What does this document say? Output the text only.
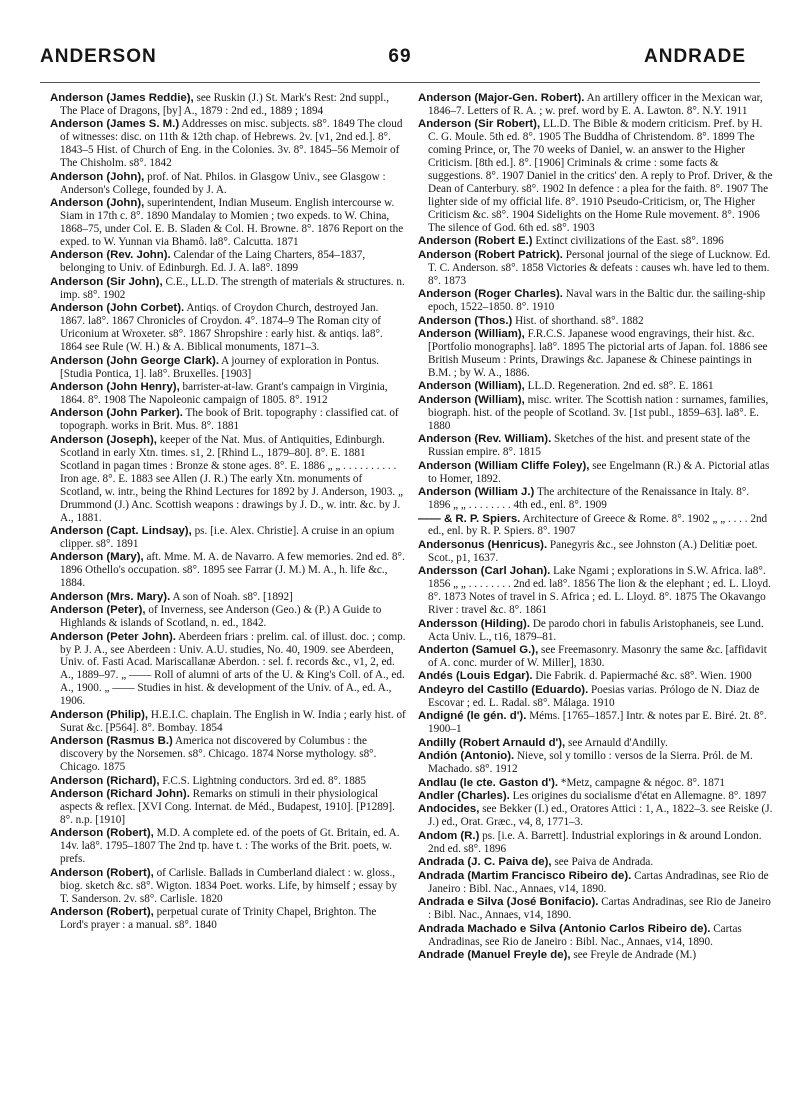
ANDERSON	69	ANDRADE
Anderson (James Reddie), see Ruskin (J.) St. Mark's Rest: 2nd suppl., The Place of Dragons, [by] A., 1879 : 2nd ed., 1889 ; 1894
Anderson (James S. M.) Addresses on misc. subjects. s8°. 1849 The cloud of witnesses: disc. on 11th & 12th chap. of Hebrews. 2v. [v1, 2nd ed.]. 8°. 1843–5 Hist. of Church of Eng. in the Colonies. 3v. 8°. 1845–56 Memoir of The Chisholm. s8°. 1842
Anderson (John), prof. of Nat. Philos. in Glasgow Univ., see Glasgow : Anderson's College, founded by J. A.
Anderson (John), superintendent, Indian Museum. English intercourse w. Siam in 17th c. 8°. 1890 Mandalay to Momien ; two expeds. to W. China, 1868–75, under Col. E. B. Sladen & Col. H. Browne. 8°. 1876 Report on the exped. to W. Yunnan via Bhamô. la8°. Calcutta. 1871
Anderson (Rev. John). Calendar of the Laing Charters, 854–1837, belonging to Univ. of Edinburgh. Ed. J. A. la8°. 1899
Anderson (Sir John), C.E., LL.D. The strength of materials & structures. n. imp. s8°. 1902
Anderson (John Corbet). Antiqs. of Croydon Church, destroyed Jan. 1867. la8°. 1867 Chronicles of Croydon. 4°. 1874–9 The Roman city of Uriconium at Wroxeter. s8°. 1867 Shropshire : early hist. & antiqs. la8°. 1864 see Rule (W. H.) & A. Biblical monuments, 1871–3.
Anderson (John George Clark). A journey of exploration in Pontus. [Studia Pontica, 1]. la8°. Bruxelles. [1903]
Anderson (John Henry), barrister-at-law. Grant's campaign in Virginia, 1864. 8°. 1908 The Napoleonic campaign of 1805. 8°. 1912
Anderson (John Parker). The book of Brit. topography : classified cat. of topograph. works in Brit. Mus. 8°. 1881
Anderson (Joseph), keeper of the Nat. Mus. of Antiquities, Edinburgh. Scotland in early Xtn. times. s1, 2. [Rhind L., 1879–80]. 8°. E. 1881 Scotland in pagan times : Bronze & stone ages. 8°. E. 1886 „ „ . . . . . . . . . . Iron age. 8°. E. 1883 see Allen (J. R.) The early Xtn. monuments of Scotland, w. intr., being the Rhind Lectures for 1892 by J. Anderson, 1903. „ Drummond (J.) Anc. Scottish weapons : drawings by J. D., w. intr. &c. by J. A., 1881.
Anderson (Capt. Lindsay), ps. [i.e. Alex. Christie]. A cruise in an opium clipper. s8°. 1891
Anderson (Mary), aft. Mme. M. A. de Navarro. A few memories. 2nd ed. 8°. 1896 Othello's occupation. s8°. 1895 see Farrar (J. M.) M. A., h. life &c., 1884.
Anderson (Mrs. Mary). A son of Noah. s8°. [1892]
Anderson (Peter), of Inverness, see Anderson (Geo.) & (P.) A Guide to Highlands & islands of Scotland, n. ed., 1842.
Anderson (Peter John). Aberdeen friars : prelim. cal. of illust. doc. ; comp. by P. J. A., see Aberdeen : Univ. A.U. studies, No. 40, 1909. see Aberdeen, Univ. of. Fasti Acad. Mariscallanæ Aberdon. : sel. f. records &c., v1, 2, ed. A., 1889–97. „ —— Roll of alumni of arts of the U. & King's Coll. of A., ed. A., 1900. „ —— Studies in hist. & development of the Univ. of A., ed. A., 1906.
Anderson (Philip), H.E.I.C. chaplain. The English in W. India ; early hist. of Surat &c. [P564]. 8°. Bombay. 1854
Anderson (Rasmus B.) America not discovered by Columbus : the discovery by the Norsemen. s8°. Chicago. 1874 Norse mythology. s8°. Chicago. 1875
Anderson (Richard), F.C.S. Lightning conductors. 3rd ed. 8°. 1885
Anderson (Richard John). Remarks on stimuli in their physiological aspects & reflex. [XVI Cong. Internat. de Méd., Budapest, 1910]. [P1289]. 8°. n.p. [1910]
Anderson (Robert), M.D. A complete ed. of the poets of Gt. Britain, ed. A. 14v. la8°. 1795–1807 The 2nd tp. have t. : The works of the Brit. poets, w. prefs.
Anderson (Robert), of Carlisle. Ballads in Cumberland dialect : w. gloss., biog. sketch &c. s8°. Wigton. 1834 Poet. works. Life, by himself ; essay by T. Sanderson. 2v. s8°. Carlisle. 1820
Anderson (Robert), perpetual curate of Trinity Chapel, Brighton. The Lord's prayer : a manual. s8°. 1840
Anderson (Major-Gen. Robert). An artillery officer in the Mexican war, 1846–7. Letters of R. A. ; w. pref. word by E. A. Lawton. 8°. N.Y. 1911
Anderson (Sir Robert), LL.D. The Bible & modern criticism. Pref. by H. C. G. Moule. 5th ed. 8°. 1905 The Buddha of Christendom. 8°. 1899 The coming Prince, or, The 70 weeks of Daniel, w. an answer to the Higher Criticism. [8th ed.]. 8°. [1906] Criminals & crime : some facts & suggestions. 8°. 1907 Daniel in the critics' den. A reply to Prof. Driver, & the Dean of Canterbury. s8°. 1902 In defence : a plea for the faith. 8°. 1907 The lighter side of my official life. 8°. 1910 Pseudo-Criticism, or, The Higher Criticism &c. s8°. 1904 Sidelights on the Home Rule movement. 8°. 1906 The silence of God. 6th ed. s8°. 1903
Anderson (Robert E.) Extinct civilizations of the East. s8°. 1896
Anderson (Robert Patrick). Personal journal of the siege of Lucknow. Ed. T. C. Anderson. s8°. 1858 Victories & defeats : causes wh. have led to them. 8°. 1873
Anderson (Roger Charles). Naval wars in the Baltic dur. the sailing-ship epoch, 1522–1850. 8°. 1910
Anderson (Thos.) Hist. of shorthand. s8°. 1882
Anderson (William), F.R.C.S. Japanese wood engravings, their hist. &c. [Portfolio monographs]. la8°. 1895 The pictorial arts of Japan. fol. 1886 see British Museum : Prints, Drawings &c. Japanese & Chinese paintings in B.M. ; by W. A., 1886.
Anderson (William), LL.D. Regeneration. 2nd ed. s8°. E. 1861
Anderson (William), misc. writer. The Scottish nation : surnames, families, biograph. hist. of the people of Scotland. 3v. [1st publ., 1859–63]. la8°. E. 1880
Anderson (Rev. William). Sketches of the hist. and present state of the Russian empire. 8°. 1815
Anderson (William Cliffe Foley), see Engelmann (R.) & A. Pictorial atlas to Homer, 1892.
Anderson (William J.) The architecture of the Renaissance in Italy. 8°. 1896 „ „ . . . . . . . . 4th ed., enl. 8°. 1909
—— & R. P. Spiers. Architecture of Greece & Rome. 8°. 1902 „ „ . . . . 2nd ed., enl. by R. P. Spiers. 8°. 1907
Andersonus (Henricus). Panegyris &c., see Johnston (A.) Delitiæ poet. Scot., p1, 1637.
Andersson (Carl Johan). Lake Ngami ; explorations in S.W. Africa. la8°. 1856 „ „ . . . . . . . . 2nd ed. la8°. 1856 The lion & the elephant ; ed. L. Lloyd. 8°. 1873 Notes of travel in S. Africa ; ed. L. Lloyd. 8°. 1875 The Okavango River : travel &c. 8°. 1861
Andersson (Hilding). De parodo chori in fabulis Aristophaneis, see Lund. Acta Univ. L., t16, 1879–81.
Anderton (Samuel G.), see Freemasonry. Masonry the same &c. [affidavit of A. conc. murder of W. Miller], 1830.
Andés (Louis Edgar). Die Fabrik. d. Papiermaché &c. s8°. Wien. 1900
Andeyro del Castillo (Eduardo). Poesias varias. Prólogo de N. Diaz de Escovar ; ed. L. Radal. s8°. Málaga. 1910
Andigné (le gén. d'). Méms. [1765–1857.] Intr. & notes par E. Biré. 2t. 8°. 1900–1
Andilly (Robert Arnauld d'), see Arnauld d'Andilly.
Andión (Antonio). Nieve, sol y tomillo : versos de la Sierra. Pról. de M. Machado. s8°. 1912
Andlau (le cte. Gaston d'). *Metz, campagne & négoc. 8°. 1871
Andler (Charles). Les origines du socialisme d'état en Allemagne. 8°. 1897
Andocides, see Bekker (I.) ed., Oratores Attici : 1, A., 1822–3. see Reiske (J. J.) ed., Orat. Græc., v4, 8, 1771–3.
Andom (R.) ps. [i.e. A. Barrett]. Industrial explorings in & around London. 2nd ed. s8°. 1896
Andrada (J. C. Paiva de), see Paiva de Andrada.
Andrada (Martim Francisco Ribeiro de). Cartas Andradinas, see Rio de Janeiro : Bibl. Nac., Annaes, v14, 1890.
Andrada e Silva (José Bonifacio). Cartas Andradinas, see Rio de Janeiro : Bibl. Nac., Annaes, v14, 1890.
Andrada Machado e Silva (Antonio Carlos Ribeiro de). Cartas Andradinas, see Rio de Janeiro : Bibl. Nac., Annaes, v14, 1890.
Andrade (Manuel Freyle de), see Freyle de Andrade (M.)
